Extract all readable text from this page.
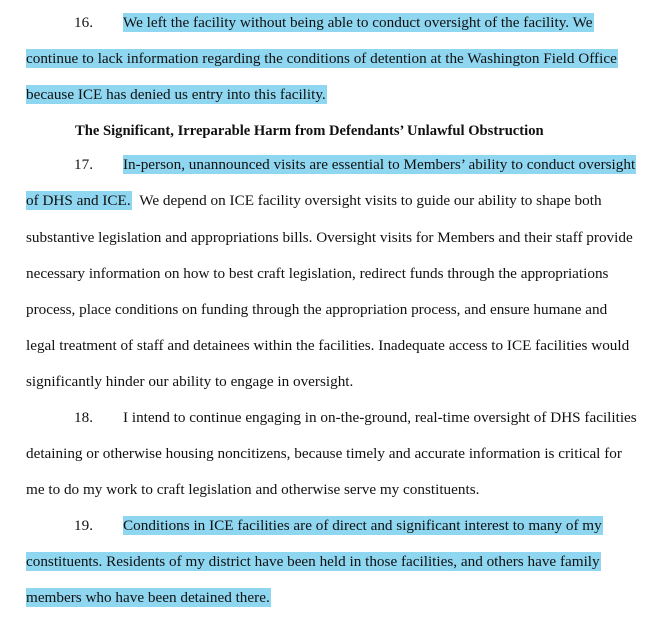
16. We left the facility without being able to conduct oversight of the facility. We
continue to lack information regarding the conditions of detention at the Washington Field Office
because ICE has denied us entry into this facility.
The Significant, Irreparable Harm from Defendants’ Unlawful Obstruction
17. In-person, unannounced visits are essential to Members’ ability to conduct oversight
of DHS and ICE. We depend on ICE facility oversight visits to guide our ability to shape both
substantive legislation and appropriations bills. Oversight visits for Members and their staff provide
necessary information on how to best craft legislation, redirect funds through the appropriations
process, place conditions on funding through the appropriation process, and ensure humane and
legal treatment of staff and detainees within the facilities. Inadequate access to ICE facilities would
significantly hinder our ability to engage in oversight.
18. I intend to continue engaging in on-the-ground, real-time oversight of DHS facilities
detaining or otherwise housing noncitizens, because timely and accurate information is critical for
me to do my work to craft legislation and otherwise serve my constituents.
19. Conditions in ICE facilities are of direct and significant interest to many of my
constituents. Residents of my district have been held in those facilities, and others have family
members who have been detained there.
